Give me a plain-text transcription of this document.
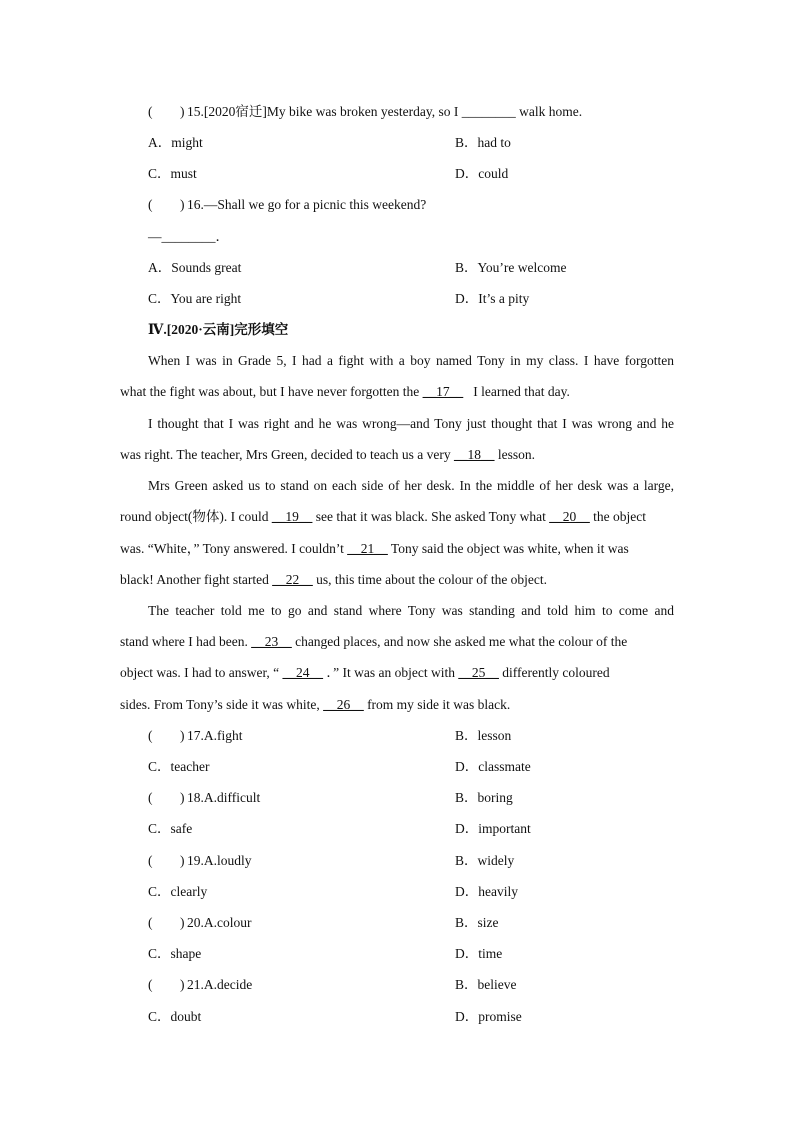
( ) 15.[2020宿迁]My bike was broken yesterday, so I ________ walk home.
A．might	B．had to
C．must	D．could
( ) 16.—Shall we go for a picnic this weekend?
—________．
A．Sounds great	B．You’re welcome
C．You are right	D．It’s a pity
Ⅳ.[2020·云南]完形填空
When I was in Grade 5, I had a fight with a boy named Tony in my class. I have forgotten
what the fight was about, but I have never forgotten the __17__ I learned that day.
I thought that I was right and he was wrong—and Tony just thought that I was wrong and he
was right. The teacher, Mrs Green, decided to teach us a very __18__ lesson.
Mrs Green asked us to stand on each side of her desk. In the middle of her desk was a large,
round object(物体). I could __19__ see that it was black. She asked Tony what __20__ the object
was. “White，” Tony answered. I couldn’t __21__ Tony said the object was white, when it was
black! Another fight started __22__ us, this time about the colour of the object.
The teacher told me to go and stand where Tony was standing and told him to come and
stand where I had been. __23__ changed places, and now she asked me what the colour of the
object was. I had to answer, “ __24__ ．” It was an object with __25__ differently coloured
sides. From Tony’s side it was white, __26__ from my side it was black.
( ) 17.A.fight	B．lesson
C．teacher	D．classmate
( ) 18.A.difficult	B．boring
C．safe	D．important
( ) 19.A.loudly	B．widely
C．clearly	D．heavily
( ) 20.A.colour	B．size
C．shape	D．time
( ) 21.A.decide	B．believe
C．doubt	D．promise
